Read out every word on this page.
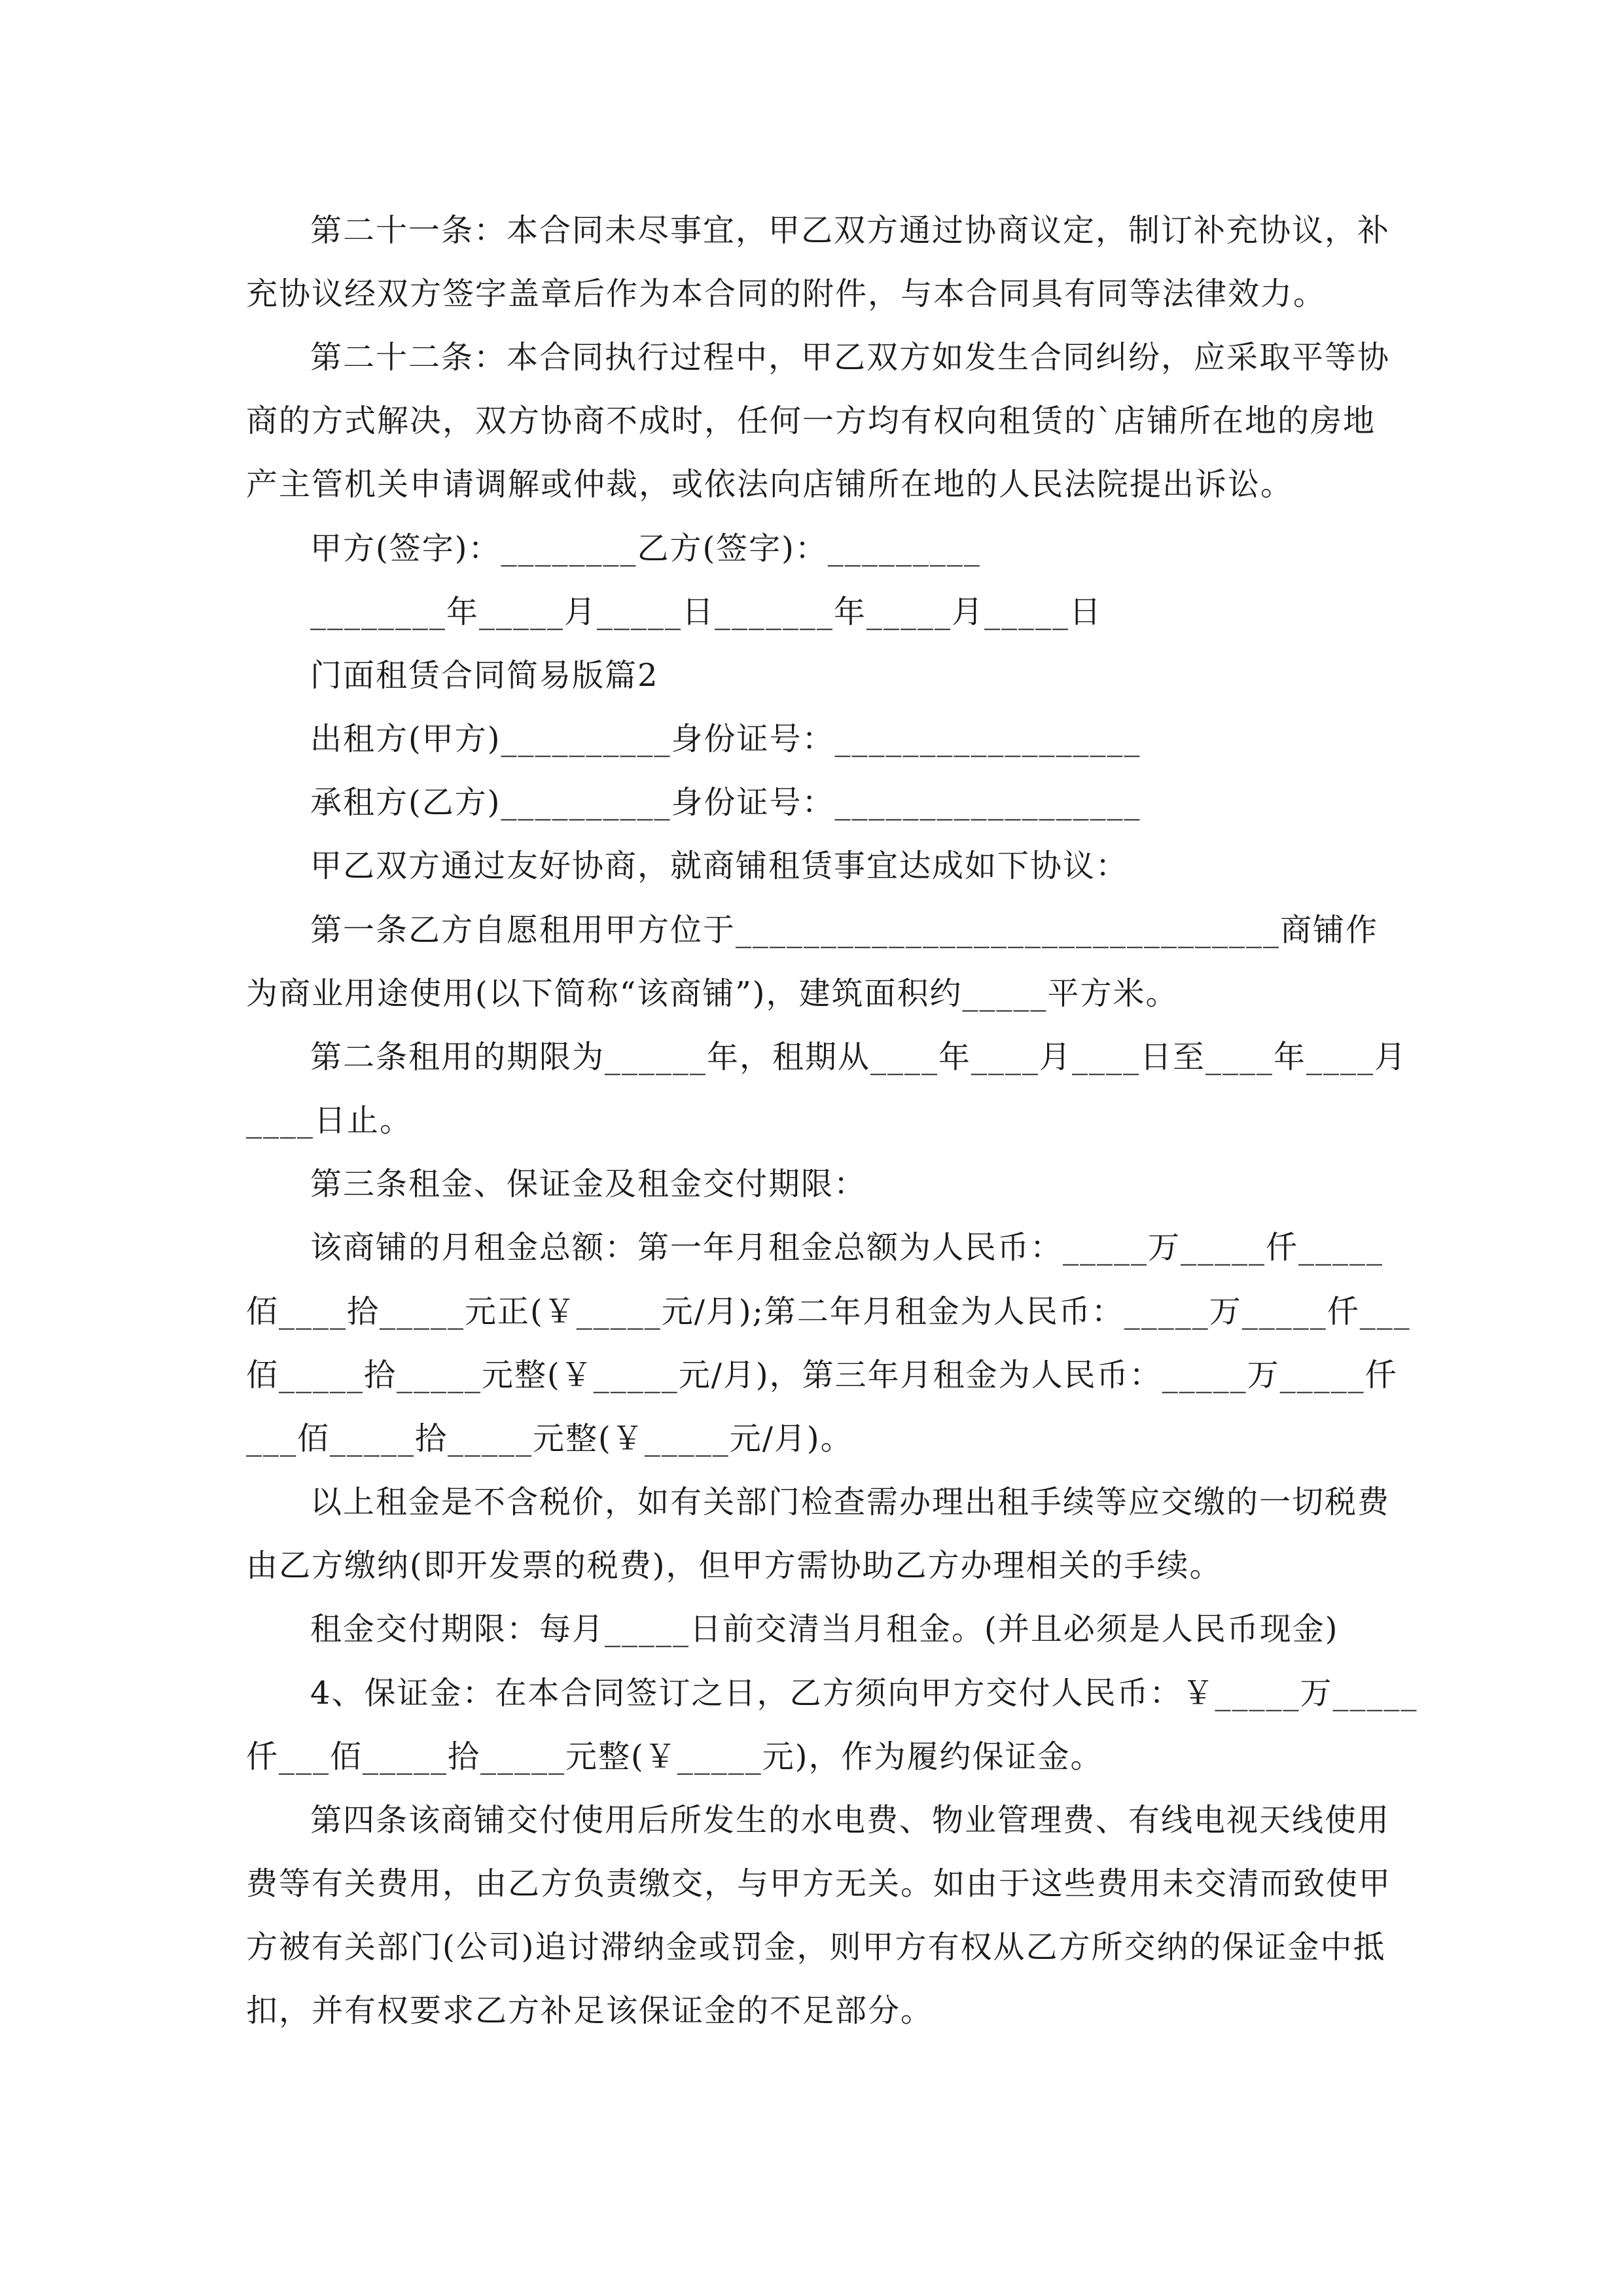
第二十一条：本合同未尽事宜，甲乙双方通过协商议定，制订补充协议，补
充协议经双方签字盖章后作为本合同的附件，与本合同具有同等法律效力。
第二十二条：本合同执行过程中，甲乙双方如发生合同纠纷，应采取平等协
商的方式解决，双方协商不成时，任何一方均有权向租赁的`店铺所在地的房地
产主管机关申请调解或仲裁，或依法向店铺所在地的人民法院提出诉讼。
甲方(签字)：________乙方(签字)：_________
________年_____月_____日_______年_____月_____日
门面租赁合同简易版篇2
出租方(甲方)__________身份证号：__________________
承租方(乙方)__________身份证号：__________________
甲乙双方通过友好协商，就商铺租赁事宜达成如下协议：
第一条乙方自愿租用甲方位于________________________________商铺作
为商业用途使用(以下简称“该商铺”)，建筑面积约_____平方米。
第二条租用的期限为______年，租期从____年____月____日至____年____月
____日止。
第三条租金、保证金及租金交付期限：
该商铺的月租金总额：第一年月租金总额为人民币：_____万_____仟_____
佰____拾_____元正(￥_____元/月);第二年月租金为人民币：_____万_____仟___
佰_____拾_____元整(￥_____元/月)，第三年月租金为人民币：_____万_____仟
___佰_____拾_____元整(￥_____元/月)。
以上租金是不含税价，如有关部门检查需办理出租手续等应交缴的一切税费
由乙方缴纳(即开发票的税费)，但甲方需协助乙方办理相关的手续。
租金交付期限：每月_____日前交清当月租金。(并且必须是人民币现金)
4、保证金：在本合同签订之日，乙方须向甲方交付人民币：￥_____万_____
仟___佰_____拾_____元整(￥_____元)，作为履约保证金。
第四条该商铺交付使用后所发生的水电费、物业管理费、有线电视天线使用
费等有关费用，由乙方负责缴交，与甲方无关。如由于这些费用未交清而致使甲
方被有关部门(公司)追讨滞纳金或罚金，则甲方有权从乙方所交纳的保证金中抵
扣，并有权要求乙方补足该保证金的不足部分。
